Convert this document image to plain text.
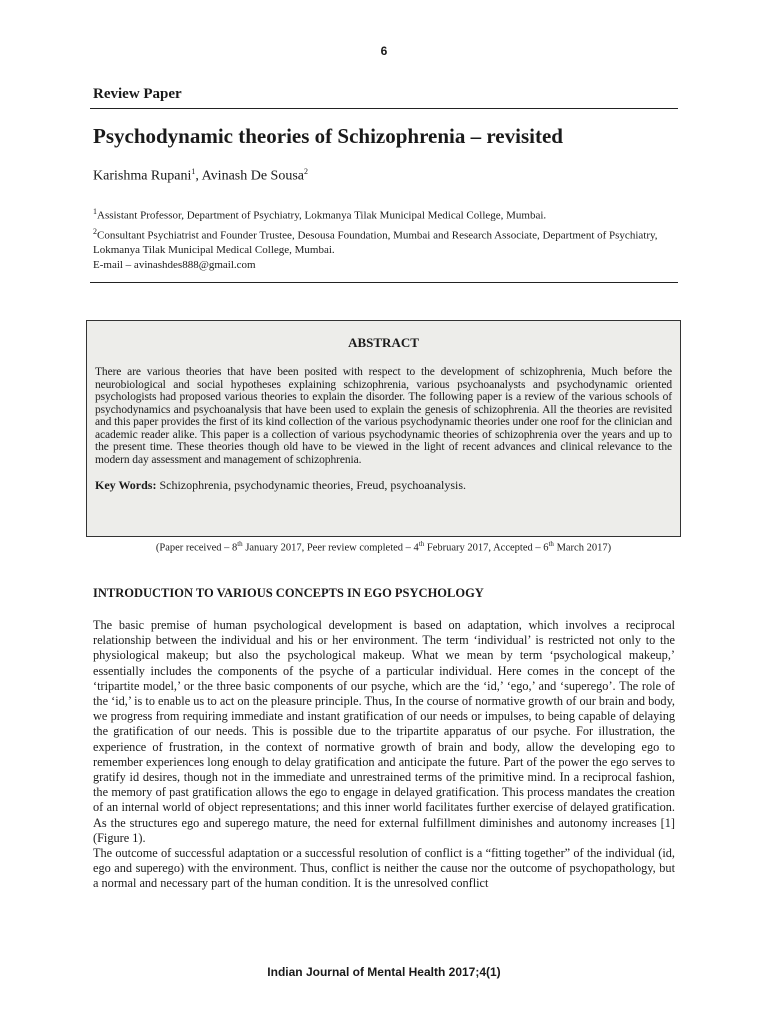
6
Review Paper
Psychodynamic theories of Schizophrenia – revisited
Karishma Rupani$^1$, Avinash De Sousa$^2$

$^1$Assistant Professor, Department of Psychiatry, Lokmanya Tilak Municipal Medical College, Mumbai.

$^2$Consultant Psychiatrist and Founder Trustee, Desousa Foundation, Mumbai and Research Associate, Department of Psychiatry, Lokmanya Tilak Municipal Medical College, Mumbai.

E-mail – avinashdes888@gmail.com

ABSTRACT

There are various theories that have been posited with respect to the development of schizophrenia, Much before the neurobiological and social hypotheses explaining schizophrenia, various psychoanalysts and psychodynamic oriented psychologists had proposed various theories to explain the disorder. The following paper is a review of the various schools of psychodynamics and psychoanalysis that have been used to explain the genesis of schizophrenia. All the theories are revisited and this paper provides the first of its kind collection of the various psychodynamic theories under one roof for the clinician and academic reader alike. This paper is a collection of various psychodynamic theories of schizophrenia over the years and up to the present time. These theories though old have to be viewed in the light of recent advances and clinical relevance to the modern day assessment and management of schizophrenia.

Key Words: Schizophrenia, psychodynamic theories, Freud, psychoanalysis.

(Paper received – 8th January 2017, Peer review completed – 4th February 2017, Accepted – 6th March 2017)
INTRODUCTION TO VARIOUS CONCEPTS IN EGO PSYCHOLOGY

The basic premise of human psychological development is based on adaptation, which involves a reciprocal relationship between the individual and his or her environment. The term ‘individual’ is restricted not only to the physiological makeup; but also the psychological makeup. What we mean by term ‘psychological makeup,’ essentially includes the components of the psyche of a particular individual. Here comes in the concept of the ‘tripartite model,’ or the three basic components of our psyche, which are the ‘id,’ ‘ego,’ and ‘superego’. The role of the ‘id,’ is to enable us to act on the pleasure principle. Thus, In the course of normative growth of our brain and body, we progress from requiring immediate and instant gratification of our needs or impulses, to being capable of delaying the gratification of our needs. This is possible due to the tripartite apparatus of our psyche. For illustration, the experience of frustration, in the context of normative growth of brain and body, allow the developing ego to remember experiences long enough to delay gratification and anticipate the future. Part of the power the ego serves to gratify id desires, though not in the immediate and unrestrained terms of the primitive mind. In a reciprocal fashion, the memory of past gratification allows the ego to engage in delayed gratification. This process mandates the creation of an internal world of object representations; and this inner world facilitates further exercise of delayed gratification. As the structures ego and superego mature, the need for external fulfillment diminishes and autonomy increases [1] (Figure 1).

The outcome of successful adaptation or a successful resolution of conflict is a “fitting together” of the individual (id, ego and superego) with the environment. Thus, conflict is neither the cause nor the outcome of psychopathology, but a normal and necessary part of the human condition. It is the unresolved conflict

Indian Journal of Mental Health 2017;4(1)
